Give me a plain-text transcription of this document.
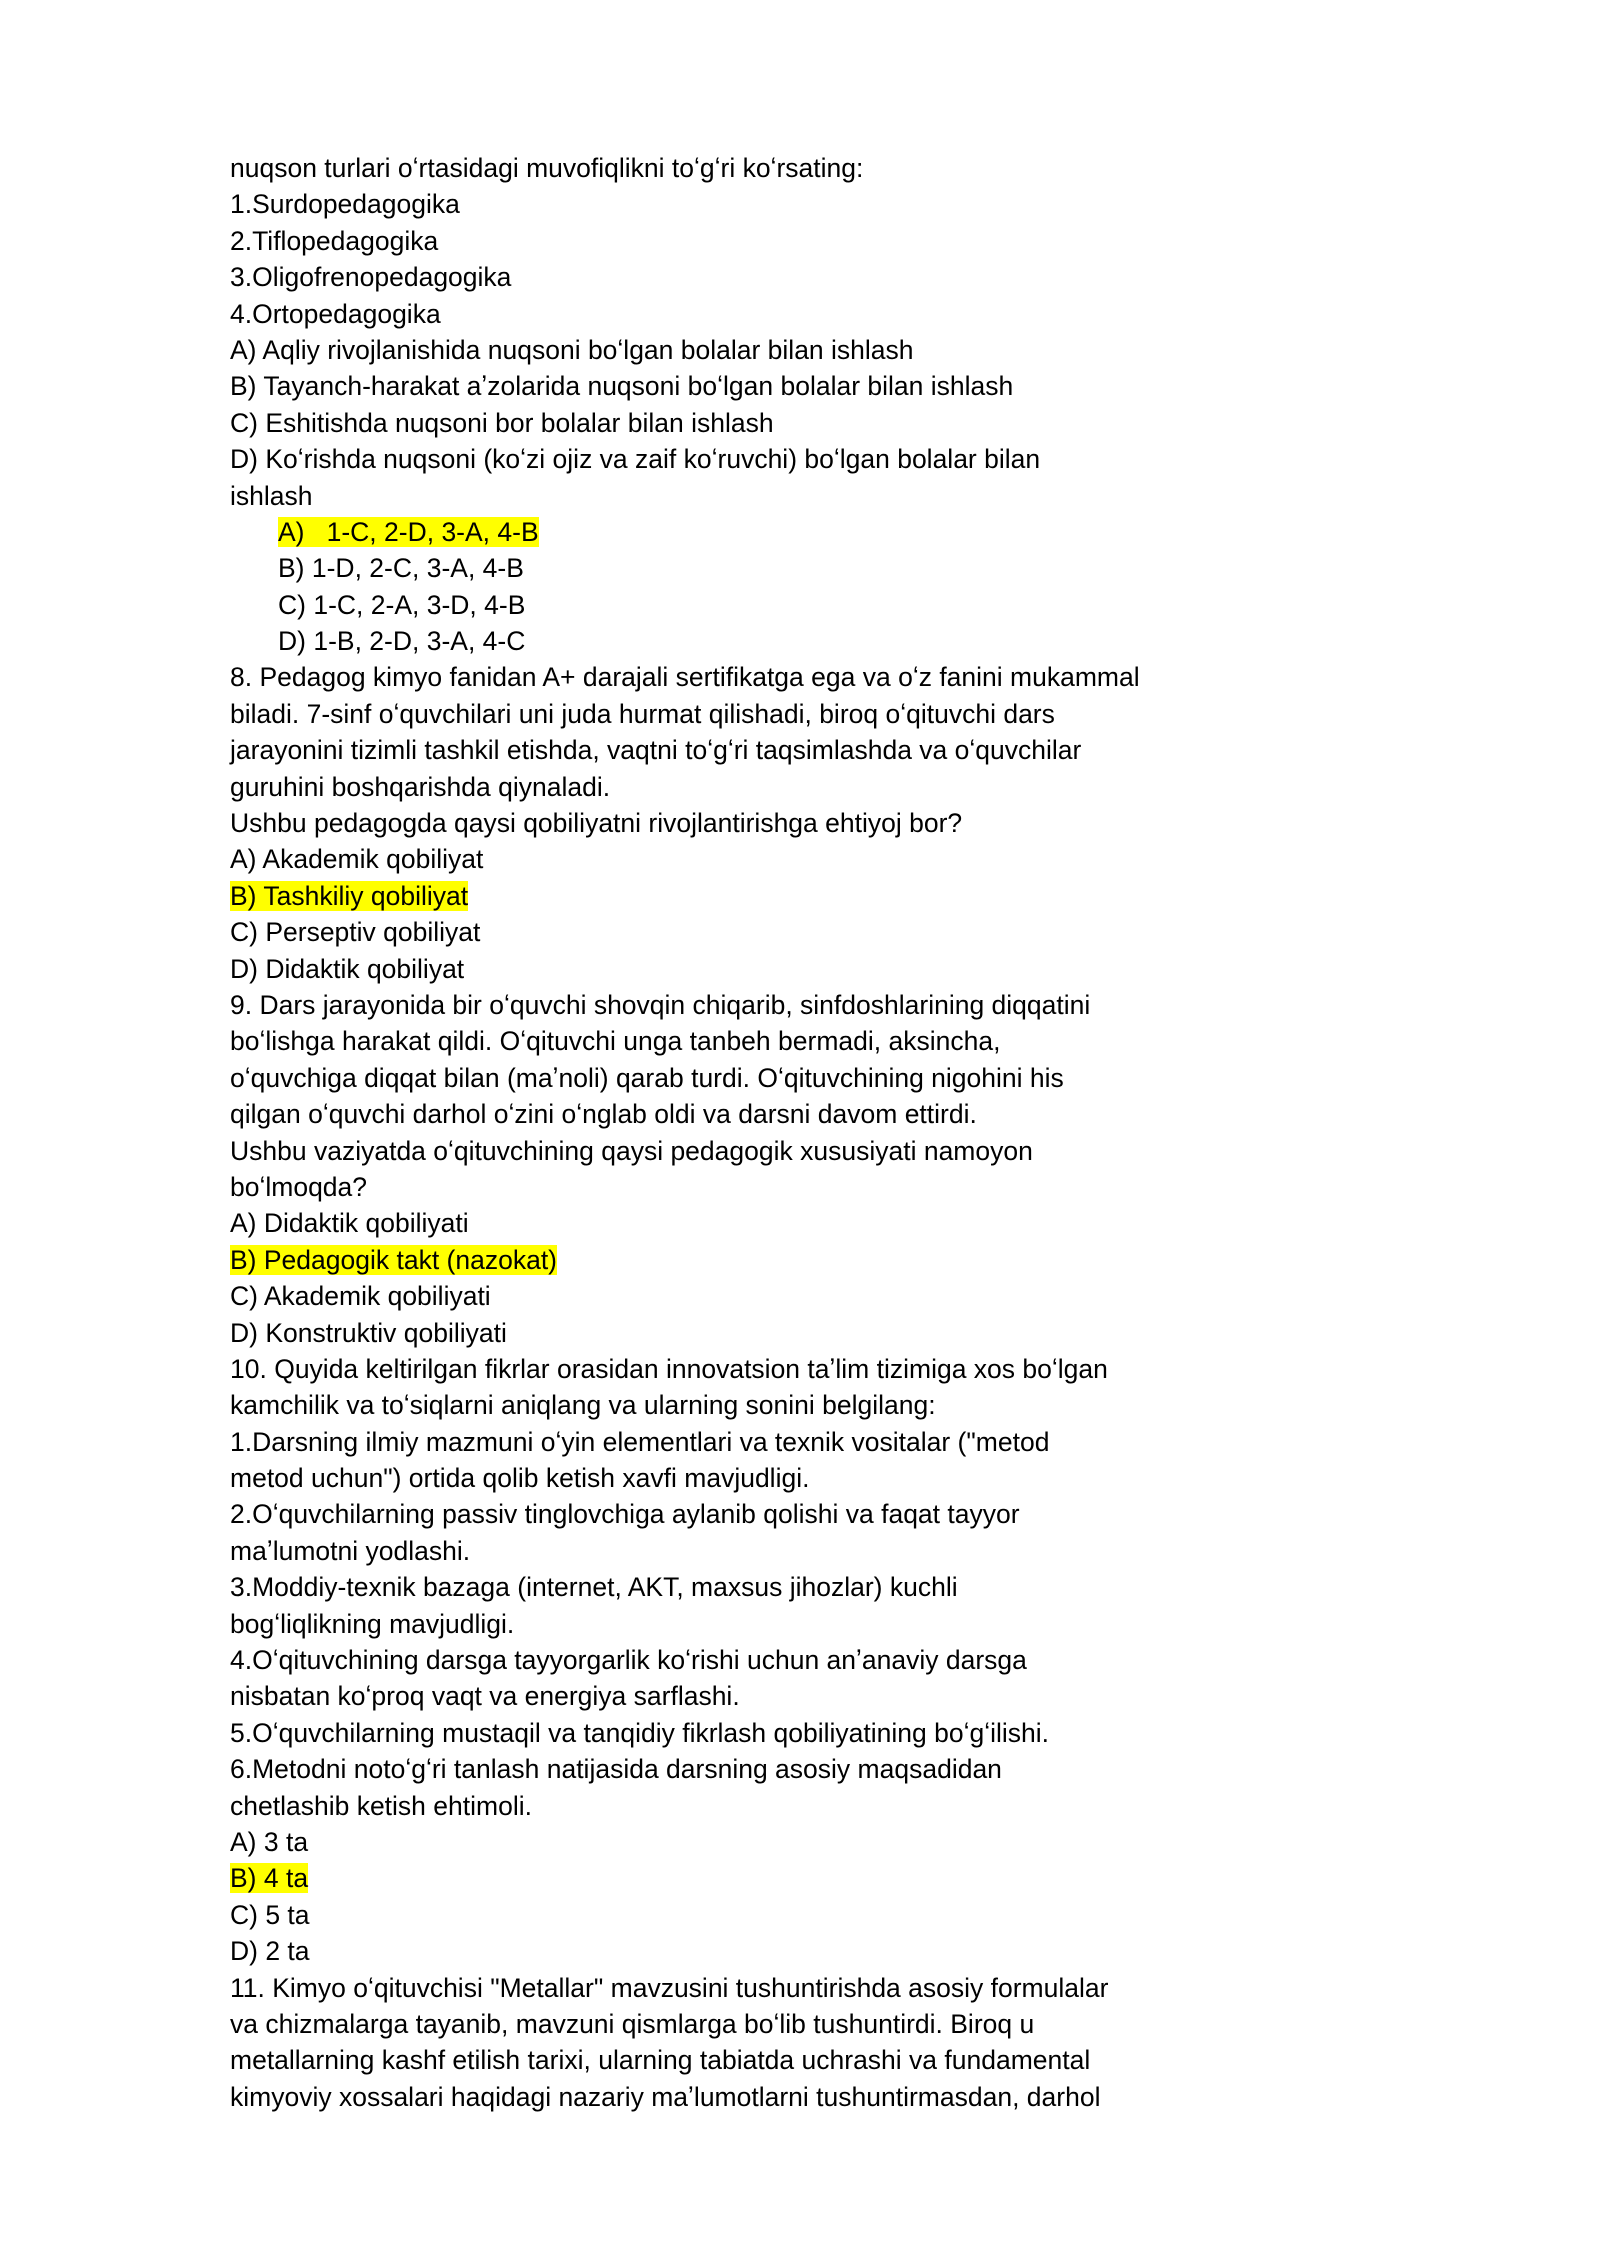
nuqson turlari oʻrtasidagi muvofiqlikni toʻgʻri koʻrsating:
1.Surdopedagogika
2.Tiflopedagogika
3.Oligofrenopedagogika
4.Ortopedagogika
A) Aqliy rivojlanishida nuqsoni boʻlgan bolalar bilan ishlash
B) Tayanch-harakat aʼzolarida nuqsoni boʻlgan bolalar bilan ishlash
C) Eshitishda nuqsoni bor bolalar bilan ishlash
D) Koʻrishda nuqsoni (koʻzi ojiz va zaif koʻruvchi) boʻlgan bolalar bilan
ishlash
A)   1-C, 2-D, 3-A, 4-B
B) 1-D, 2-C, 3-A, 4-B
C) 1-C, 2-A, 3-D, 4-B
D) 1-B, 2-D, 3-A, 4-C
8. Pedagog kimyo fanidan A+ darajali sertifikatga ega va oʻz fanini mukammal
biladi. 7-sinf oʻquvchilari uni juda hurmat qilishadi, biroq oʻqituvchi dars
jarayonini tizimli tashkil etishda, vaqtni toʻgʻri taqsimlashda va oʻquvchilar
guruhini boshqarishda qiynaladi.
Ushbu pedagogda qaysi qobiliyatni rivojlantirishga ehtiyoj bor?
A) Akademik qobiliyat
B) Tashkiliy qobiliyat
C) Perseptiv qobiliyat
D) Didaktik qobiliyat
9. Dars jarayonida bir oʻquvchi shovqin chiqarib, sinfdoshlarining diqqatini
boʻlishga harakat qildi. Oʻqituvchi unga tanbeh bermadi, aksincha,
oʻquvchiga diqqat bilan (maʼnoli) qarab turdi. Oʻqituvchining nigohini his
qilgan oʻquvchi darhol oʻzini oʻnglab oldi va darsni davom ettirdi.
Ushbu vaziyatda oʻqituvchining qaysi pedagogik xususiyati namoyon
boʻlmoqda?
A) Didaktik qobiliyati
B) Pedagogik takt (nazokat)
C) Akademik qobiliyati
D) Konstruktiv qobiliyati
10. Quyida keltirilgan fikrlar orasidan innovatsion taʼlim tizimiga xos boʻlgan
kamchilik va toʻsiqlarni aniqlang va ularning sonini belgilang:
1.Darsning ilmiy mazmuni oʻyin elementlari va texnik vositalar ("metod
metod uchun") ortida qolib ketish xavfi mavjudligi.
2.Oʻquvchilarning passiv tinglovchiga aylanib qolishi va faqat tayyor
maʼlumotni yodlashi.
3.Moddiy-texnik bazaga (internet, AKT, maxsus jihozlar) kuchli
bogʻliqlikning mavjudligi.
4.Oʻqituvchining darsga tayyorgarlik koʻrishi uchun anʼanaviy darsga
nisbatan koʻproq vaqt va energiya sarflashi.
5.Oʻquvchilarning mustaqil va tanqidiy fikrlash qobiliyatining boʻgʻilishi.
6.Metodni notoʻgʻri tanlash natijasida darsning asosiy maqsadidan
chetlashib ketish ehtimoli.
A) 3 ta
B) 4 ta
C) 5 ta
D) 2 ta
11. Kimyo oʻqituvchisi "Metallar" mavzusini tushuntirishda asosiy formulalar
va chizmalarga tayanib, mavzuni qismlarga boʻlib tushuntirdi. Biroq u
metallarning kashf etilish tarixi, ularning tabiatda uchrashi va fundamental
kimyoviy xossalari haqidagi nazariy maʼlumotlarni tushuntirmasdan, darhol
